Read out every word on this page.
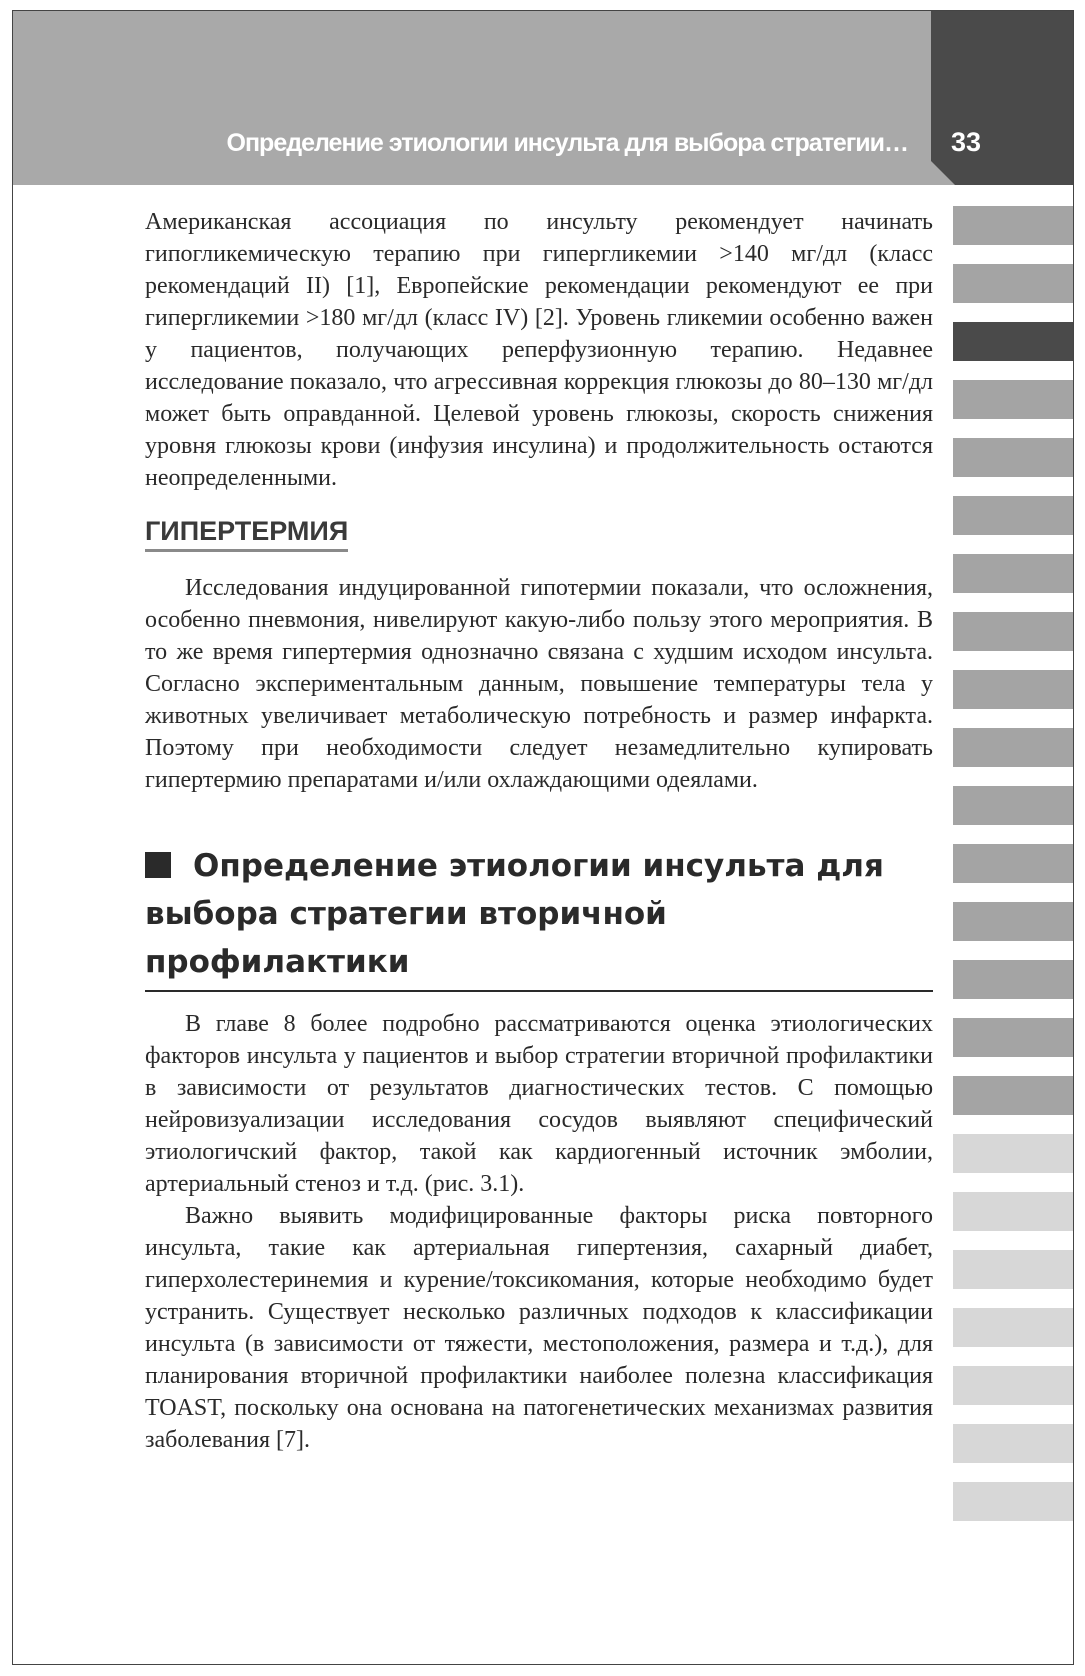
Определение этиологии инсульта для выбора стратегии… 33

Американская ассоциация по инсульту рекомендует начинать гипогликемическую терапию при гипергликемии >140 мг/дл (класс рекомендаций II) [1], Европейские рекомендации рекомендуют ее при гипергликемии >180 мг/дл (класс IV) [2]. Уровень гликемии особенно важен у пациентов, получающих реперфузионную терапию. Недавнее исследование показало, что агрессивная коррекция глюкозы до 80–130 мг/дл может быть оправданной. Целевой уровень глюкозы, скорость снижения уровня глюкозы крови (инфузия инсулина) и продолжительность остаются неопределенными.

ГИПЕРТЕРМИЯ

Исследования индуцированной гипотермии показали, что осложнения, особенно пневмония, нивелируют какую-либо пользу этого мероприятия. В то же время гипертермия однозначно связана с худшим исходом инсульта. Согласно экспериментальным данным, повышение температуры тела у животных увеличивает метаболическую потребность и размер инфаркта. Поэтому при необходимости следует незамедлительно купировать гипертермию препаратами и/или охлаждающими одеялами.

Определение этиологии инсульта для выбора стратегии вторичной профилактики

В главе 8 более подробно рассматриваются оценка этиологических факторов инсульта у пациентов и выбор стратегии вторичной профилактики в зависимости от результатов диагностических тестов. С помощью нейровизуализации исследования сосудов выявляют специфический этиологичский фактор, такой как кардиогенный источник эмболии, артериальный стеноз и т.д. (рис. 3.1).

Важно выявить модифицированные факторы риска повторного инсульта, такие как артериальная гипертензия, сахарный диабет, гиперхолестеринемия и курение/токсикомания, которые необходимо будет устранить. Существует несколько различных подходов к классификации инсульта (в зависимости от тяжести, местоположения, размера и т.д.), для планирования вторичной профилактики наиболее полезна классификация TOAST, поскольку она основана на патогенетических механизмах развития заболевания [7].
